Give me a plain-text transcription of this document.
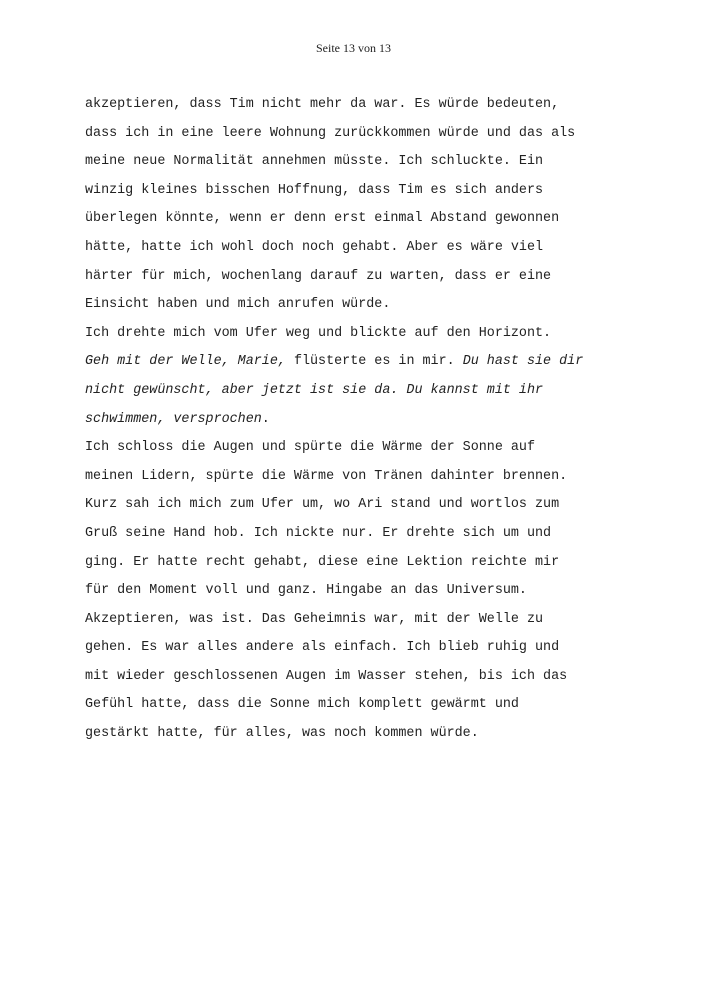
Seite 13 von 13
akzeptieren, dass Tim nicht mehr da war. Es würde bedeuten,
dass ich in eine leere Wohnung zurückkommen würde und das als
meine neue Normalität annehmen müsste. Ich schluckte. Ein
winzig kleines bisschen Hoffnung, dass Tim es sich anders
überlegen könnte, wenn er denn erst einmal Abstand gewonnen
hätte, hatte ich wohl doch noch gehabt. Aber es wäre viel
härter für mich, wochenlang darauf zu warten, dass er eine
Einsicht haben und mich anrufen würde.
Ich drehte mich vom Ufer weg und blickte auf den Horizont.
Geh mit der Welle, Marie, flüsterte es in mir. Du hast sie dir
nicht gewünscht, aber jetzt ist sie da. Du kannst mit ihr
schwimmen, versprochen.
Ich schloss die Augen und spürte die Wärme der Sonne auf
meinen Lidern, spürte die Wärme von Tränen dahinter brennen.
Kurz sah ich mich zum Ufer um, wo Ari stand und wortlos zum
Gruß seine Hand hob. Ich nickte nur. Er drehte sich um und
ging. Er hatte recht gehabt, diese eine Lektion reichte mir
für den Moment voll und ganz. Hingabe an das Universum.
Akzeptieren, was ist. Das Geheimnis war, mit der Welle zu
gehen. Es war alles andere als einfach. Ich blieb ruhig und
mit wieder geschlossenen Augen im Wasser stehen, bis ich das
Gefühl hatte, dass die Sonne mich komplett gewärmt und
gestärkt hatte, für alles, was noch kommen würde.
